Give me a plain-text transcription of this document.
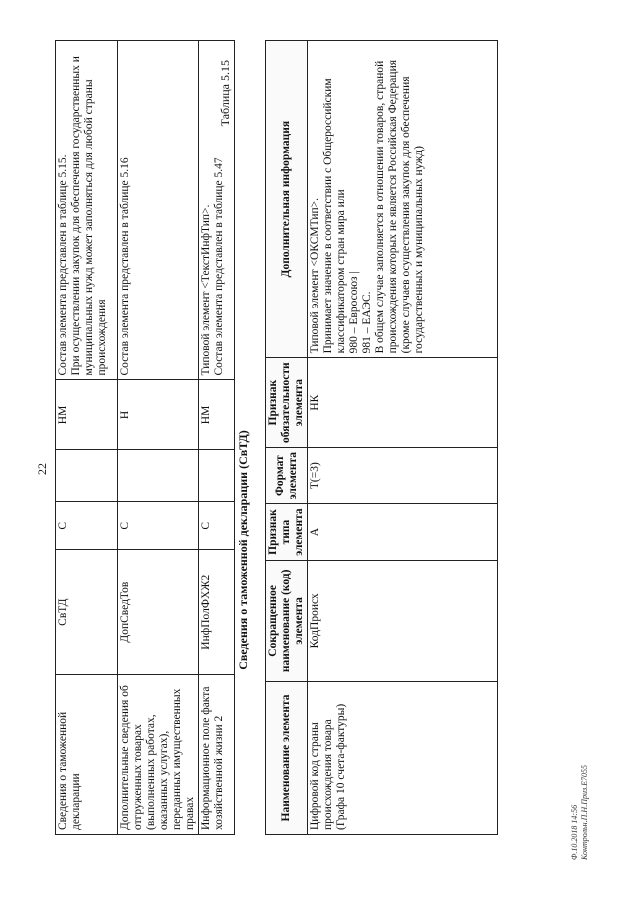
22
Сведения о таможенной декларации	СвТД	С		НМ	Состав элемента представлен в таблице 5.15.
При осуществлении закупок для обеспечения государственных и муниципальных нужд может заполняться для любой страны происхождения
Дополнительные сведения об отгруженных товарах (выполненных работах, оказанных услугах), переданных имущественных правах	ДопСведТов	С		Н	Состав элемента представлен в таблице 5.16
Информационное поле факта хозяйственной жизни 2	ИнфПолФХЖ2	С		НМ	Типовой элемент <ТекстИнфТип>.
Состав элемента представлен в таблице 5.47
Таблица 5.15
Сведения о таможенной декларации (СвТД)
Наименование элемента	Сокращенное наименование (код) элемента	Признак типа элемента	Формат элемента	Признак обязательности элемента	Дополнительная информация
Цифровой код страны происхождения товара (Графа 10 счета-фактуры)	КодПроисх	А	T(=3)	НК	Типовой элемент <ОКСМТип>.
Принимает значение в соответствии с Общероссийским классификатором стран мира или
980 – Евросоюз |
981 – ЕАЭС.
В общем случае заполняется в отношении товаров, страной происхождения которых не является Российская Федерация (кроме случаев осуществления закупок для обеспечения государственных и муниципальных нужд)
Ф.10.2018 14:56 Контрольн.П.Н.Приз.Е7055
